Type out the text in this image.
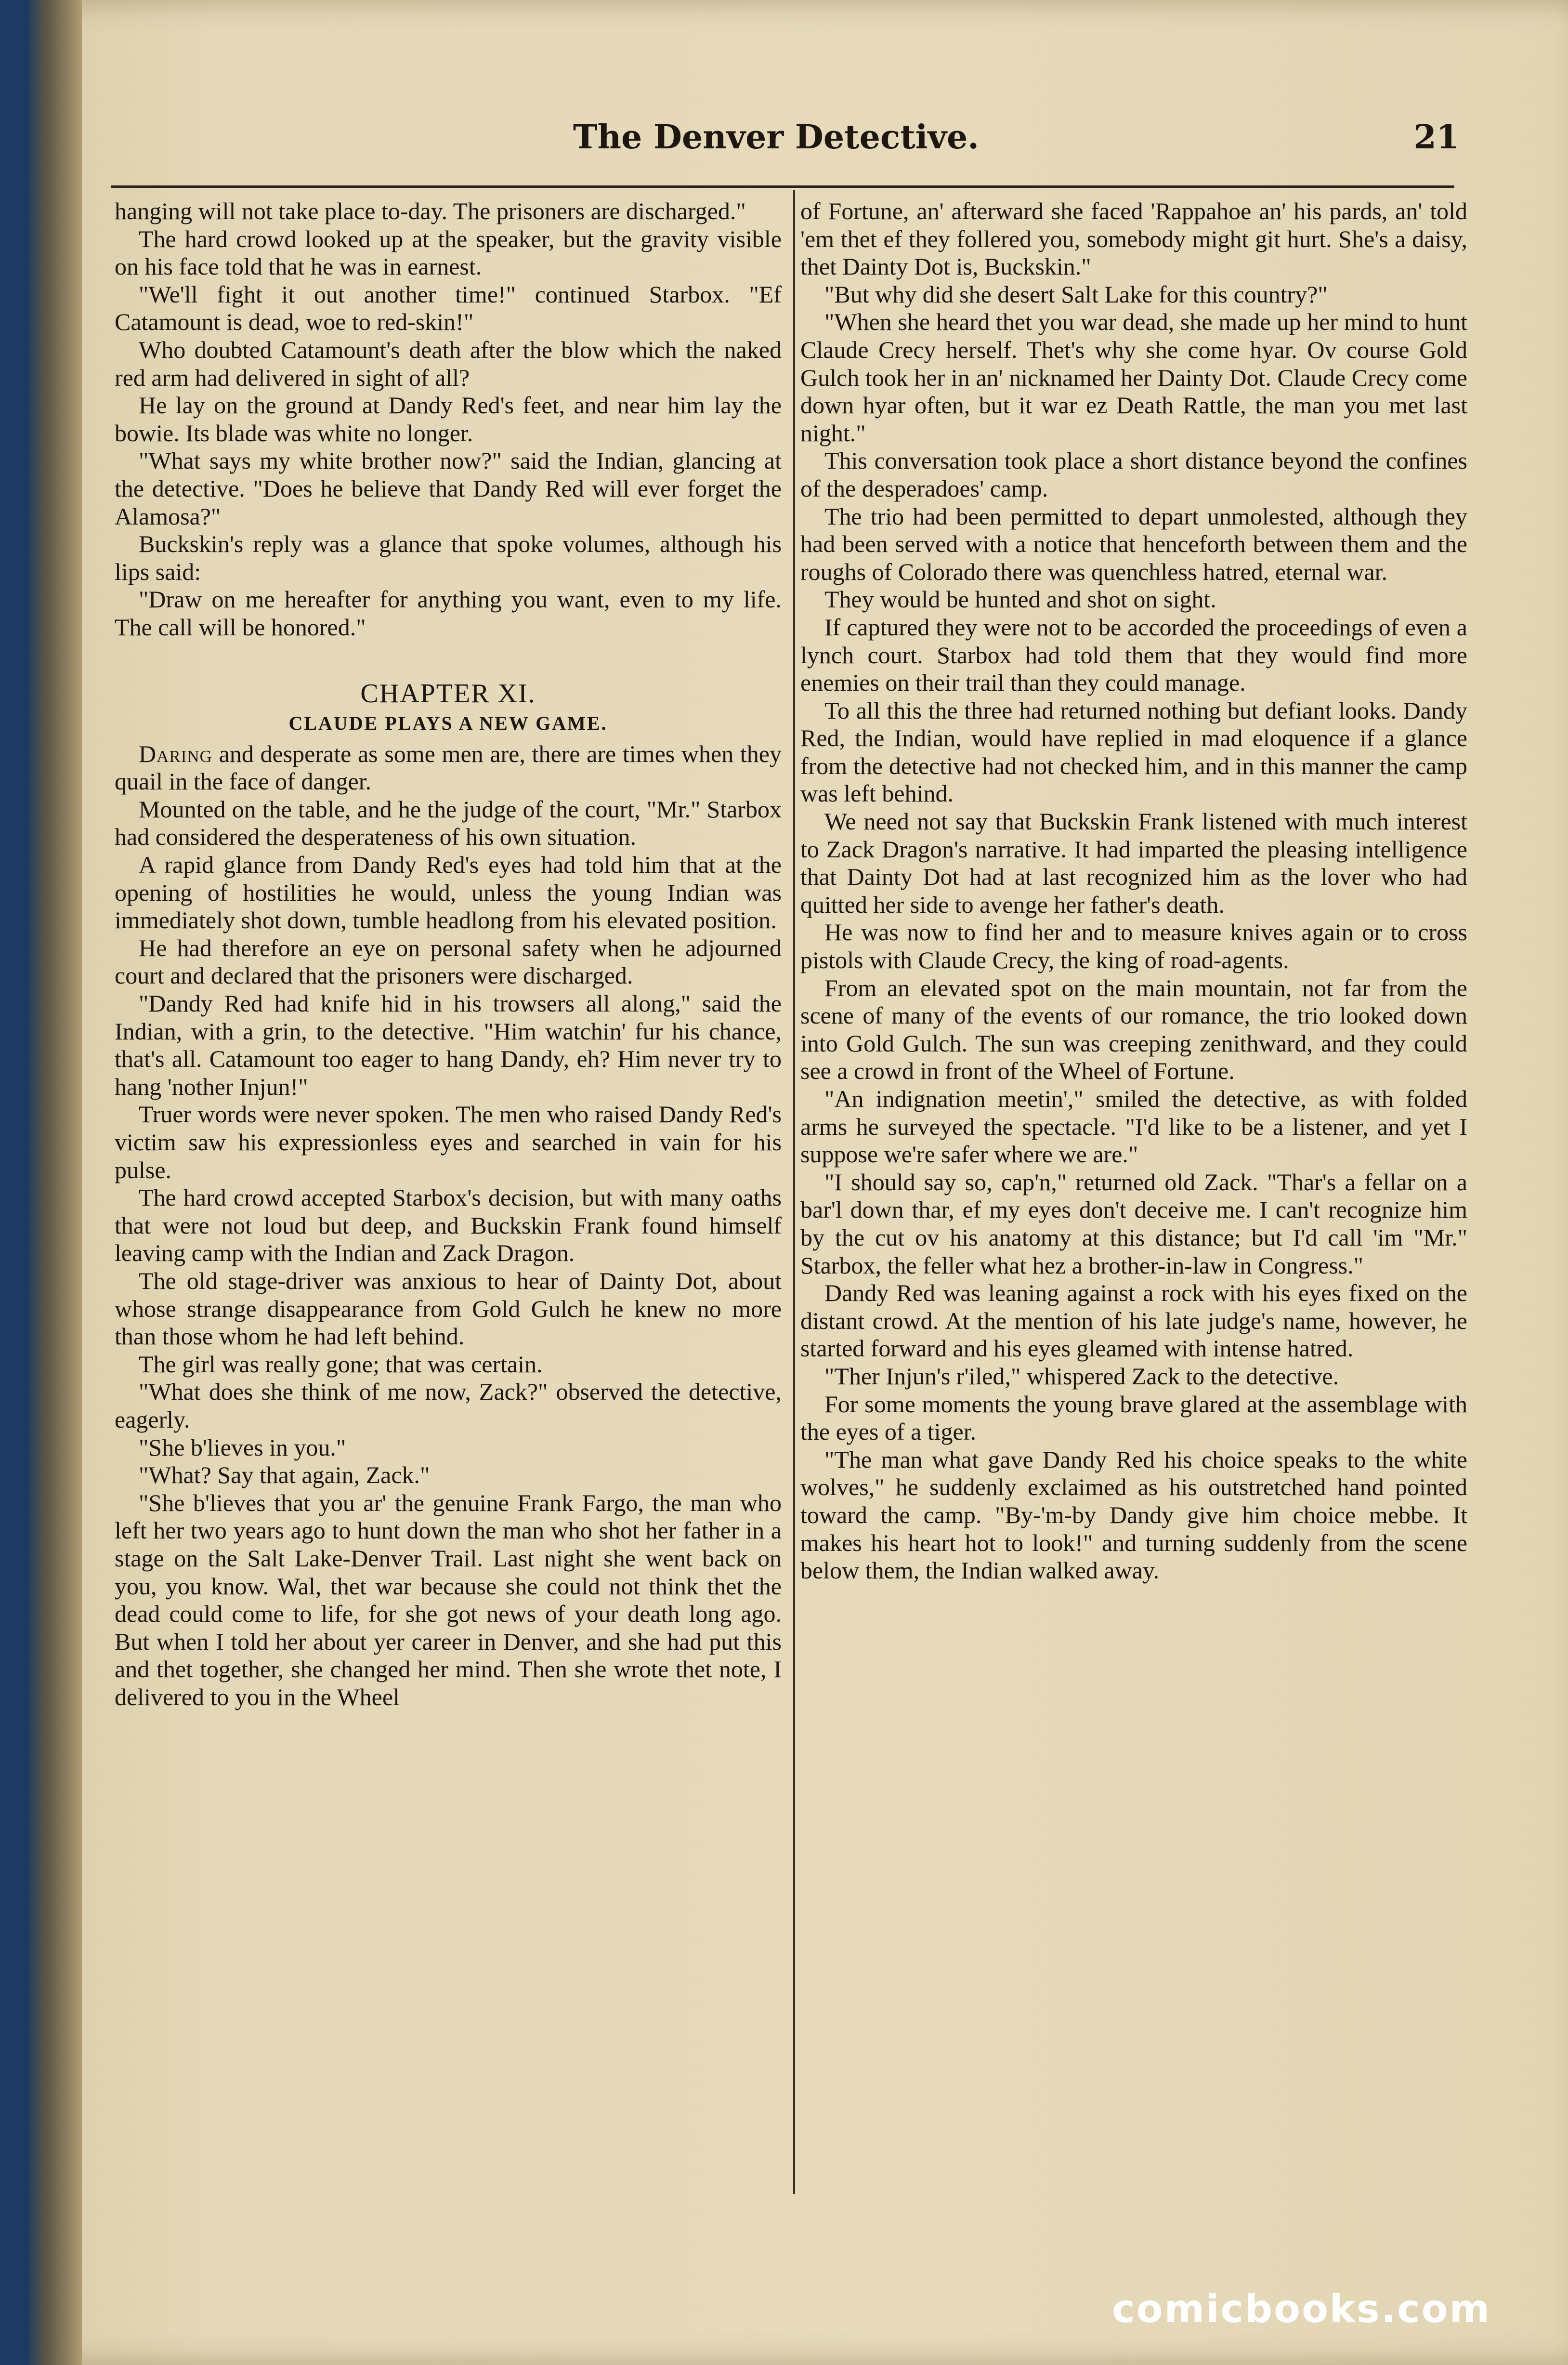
The Denver Detective.	21

hanging will not take place to-day. The prisoners are discharged."

The hard crowd looked up at the speaker, but the gravity visible on his face told that he was in earnest.

"We'll fight it out another time!" continued Starbox. "Ef Catamount is dead, woe to red-skin!"

Who doubted Catamount's death after the blow which the naked red arm had delivered in sight of all?

He lay on the ground at Dandy Red's feet, and near him lay the bowie. Its blade was white no longer.

"What says my white brother now?" said the Indian, glancing at the detective. "Does he believe that Dandy Red will ever forget the Alamosa?"

Buckskin's reply was a glance that spoke volumes, although his lips said:

"Draw on me hereafter for anything you want, even to my life. The call will be honored."

CHAPTER XI.
CLAUDE PLAYS A NEW GAME.

Daring and desperate as some men are, there are times when they quail in the face of danger.

Mounted on the table, and he the judge of the court, "Mr." Starbox had considered the desperateness of his own situation.

A rapid glance from Dandy Red's eyes had told him that at the opening of hostilities he would, unless the young Indian was immediately shot down, tumble headlong from his elevated position.

He had therefore an eye on personal safety when he adjourned court and declared that the prisoners were discharged.

"Dandy Red had knife hid in his trowsers all along," said the Indian, with a grin, to the detective. "Him watchin' fur his chance, that's all. Catamount too eager to hang Dandy, eh? Him never try to hang 'nother Injun!"

Truer words were never spoken. The men who raised Dandy Red's victim saw his expressionless eyes and searched in vain for his pulse.

The hard crowd accepted Starbox's decision, but with many oaths that were not loud but deep, and Buckskin Frank found himself leaving camp with the Indian and Zack Dragon.

The old stage-driver was anxious to hear of Dainty Dot, about whose strange disappearance from Gold Gulch he knew no more than those whom he had left behind.

The girl was really gone; that was certain.

"What does she think of me now, Zack?" observed the detective, eagerly.

"She b'lieves in you."

"What? Say that again, Zack."

"She b'lieves that you ar' the genuine Frank Fargo, the man who left her two years ago to hunt down the man who shot her father in a stage on the Salt Lake-Denver Trail. Last night she went back on you, you know. Wal, thet war because she could not think thet the dead could come to life, for she got news of your death long ago. But when I told her about yer career in Denver, and she had put this and thet together, she changed her mind. Then she wrote thet note, I delivered to you in the Wheel

of Fortune, an' afterward she faced 'Rappahoe an' his pards, an' told 'em thet ef they follered you, somebody might git hurt. She's a daisy, thet Dainty Dot is, Buckskin."

"But why did she desert Salt Lake for this country?"

"When she heard thet you war dead, she made up her mind to hunt Claude Crecy herself. Thet's why she come hyar. Ov course Gold Gulch took her in an' nicknamed her Dainty Dot. Claude Crecy come down hyar often, but it war ez Death Rattle, the man you met last night."

This conversation took place a short distance beyond the confines of the desperadoes' camp.

The trio had been permitted to depart unmolested, although they had been served with a notice that henceforth between them and the roughs of Colorado there was quenchless hatred, eternal war.

They would be hunted and shot on sight.

If captured they were not to be accorded the proceedings of even a lynch court. Starbox had told them that they would find more enemies on their trail than they could manage.

To all this the three had returned nothing but defiant looks. Dandy Red, the Indian, would have replied in mad eloquence if a glance from the detective had not checked him, and in this manner the camp was left behind.

We need not say that Buckskin Frank listened with much interest to Zack Dragon's narrative. It had imparted the pleasing intelligence that Dainty Dot had at last recognized him as the lover who had quitted her side to avenge her father's death.

He was now to find her and to measure knives again or to cross pistols with Claude Crecy, the king of road-agents.

From an elevated spot on the main mountain, not far from the scene of many of the events of our romance, the trio looked down into Gold Gulch. The sun was creeping zenithward, and they could see a crowd in front of the Wheel of Fortune.

"An indignation meetin'," smiled the detective, as with folded arms he surveyed the spectacle. "I'd like to be a listener, and yet I suppose we're safer where we are."

"I should say so, cap'n," returned old Zack. "Thar's a fellar on a bar'l down thar, ef my eyes don't deceive me. I can't recognize him by the cut ov his anatomy at this distance; but I'd call 'im "Mr." Starbox, the feller what hez a brother-in-law in Congress."

Dandy Red was leaning against a rock with his eyes fixed on the distant crowd. At the mention of his late judge's name, however, he started forward and his eyes gleamed with intense hatred.

"Ther Injun's r'iled," whispered Zack to the detective.

For some moments the young brave glared at the assemblage with the eyes of a tiger.

"The man what gave Dandy Red his choice speaks to the white wolves," he suddenly exclaimed as his outstretched hand pointed toward the camp. "By-'m-by Dandy give him choice mebbe. It makes his heart hot to look!" and turning suddenly from the scene below them, the Indian walked away.

comicbooks.com
